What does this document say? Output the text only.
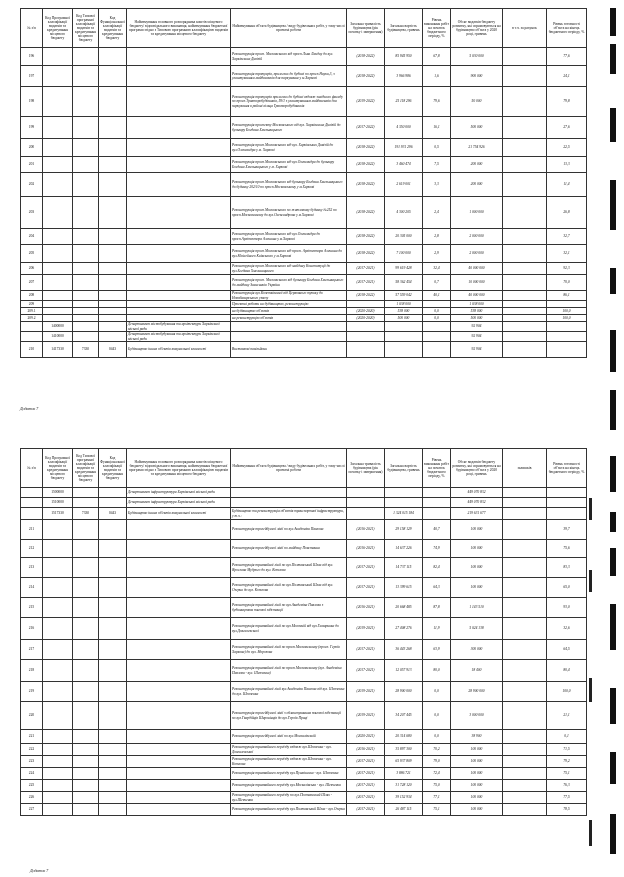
№ з/п	Код Програмної класифікації видатків та кредитування місцевого бюджету	Код Типової програмної класифікації видатків та кредитування місцевого бюджету	Код Функціональної класифікації видатків та кредитування бюджету	Найменування головного розпорядника коштів місцевого бюджету/ відповідального виконавця, найменування бюджетної програми згідно з Типовою програмною класифікацією видатків та кредитування місцевого бюджету	Найменування об'єкта будівництва / виду будівельних робіт, у тому числі проектні роботи	Загальна тривалість будівництва (рік початку і завершення)	Загальна вартість будівництва, гривень	Рівень виконання робіт на початок бюджетного періоду, %	Обсяг видатків бюджету розвитку, які спрямовуються на будівництво об'єкта у 2020 році, гривень	в т.ч. за рахунок	Рівень готовності об'єкта на кінець бюджетного періоду, %
196					Реконструкція просп. Московського від просп.Льва Ландау до вул. Харківських Дивізій	(2018-2022)	85 945 950	67,8	5 030 000		77,6
197					Реконструкція тротуарів, прилеглих до будівлі по просп.Науки,3, з улаштуванням майданчиків для паркування у м.Харкові	(2018-2022)	3 966 986	1,6	900 000		24,1
198					Реконструкція тротуарів прилеглих до будівлі вздовж західного фасаду по просп.Тракторобудівників, 59/1 з улаштуванням майданчиків для паркування в районі кільця Тракторобудівників	(2019-2022)	25 118 296	79,6	50 000		79,8
199					Реконструкція проспекту Московського від вул. Харківських Дивізій до бульвару Богдана Хмельницького	(2017-2022)	4 350 000	16,1	500 000		27,6
200					Реконструкція просп.Московського від вул. Харківських Дивізій до вул.Олександра у м. Харкові	(2018-2022)	191 931 296	0,5	21 754 926		22,5
201					Реконструкція просп.Московського від вул.Олександра до бульвару Богдана Хмельницького у м. Харкові	(2018-2022)	3 460 474	7,5	200 000		13,3
202					Реконструкція просп.Московського від бульвару Богдана Хмельницького до будинку 202/10 по просп.Московському у м.Харкові	(2018-2022)	2 619 001	3,3	200 000		11,4
203					Реконструкція просп.Московського по житловому будинку №252 по просп.Московському до вул.Олександрова у м.Харкові	(2018-2022)	4 300 205	2,4	1 000 000		26,8
204					Реконструкція просп.Московського від вул.Олександра до просп.Архітектора Алешина у м.Харкові	(2018-2022)	20 305 000	2,8	2 000 000		32,7
205					Реконструкція просп.Московського від просп. Архітектора Алешина до вул.Ювілейного Київського у м.Харкові	(2018-2022)	7 100 000	2,9	2 000 000		32,1
206					Реконструкція просп.Московського від майдану Конституції до вул.Богдана Хмельницького	(2017-2021)	99 619 428	32,4	40 000 000		92,3
207					Реконструкція просп. Московського від бульвару Богдана Хмельницького до майдану Захисників України	(2017-2021)	58 362 454	0,7	10 000 000		70,0
208					Реконструкція вул.Кочетківської від Церковного тупику до Новобаварського узвозу	(2018-2022)	57 559 042	40,1	40 000 000		86,1
209					Проектні роботи на будівництво, реконструкцію		1 038 000		1 038 000		
209.1					на будівництво об'єктів	(2020-2020)	538 000	0,0	538 000		100,0
209.2					на реконструкцію об'єктів	(2020-2020)	500 000	0,0	500 000		100,0
	1400000			Департамент містобудування та архітектури Харківської міської ради					92 904		
	1410000			Департамент містобудування та архітектури Харківської міської ради					92 904		
210	1417330	7330	0443	Будівництво інших об'єктів комунальної власності	Виставкові павільйони				92 904		
Додаток 7
№ з/п	Код Програмної класифікації видатків та кредитування місцевого бюджету	Код Типової програмної класифікації видатків та кредитування місцевого бюджету	Код Функціональної класифікації видатків та кредитування бюджету	Найменування головного розпорядника коштів місцевого бюджету/ відповідального виконавця, найменування бюджетної програми згідно з Типовою програмною класифікацією видатків та кредитування місцевого бюджету	Найменування об'єкта будівництва / виду будівельних робіт, у тому числі проектні роботи	Загальна тривалість будівництва (рік початку і завершення)	Загальна вартість будівництва, гривень	Рівень виконання робіт на початок бюджетного періоду, %	Обсяг видатків бюджету розвитку, які спрямовуються на будівництво об'єкта у 2020 році, гривень	залишків	Рівень готовності об'єкта на кінець бюджетного періоду, %
	1500000			Департамент інфраструктури Харківської міської ради					449 070 832		
	1510000			Департамент інфраструктури Харківської міської ради					449 070 832		
	1517330	7330	0443	Будівництво інших об'єктів комунальної власності	Будівництво та реконструкція об'єктів транспортної інфраструктури, у т.ч.:		1 324 015 184		219 631 677		
211					Реконструкція тролейбусної лінії по вул.Академіка Павлова	(2016-2021)	29 158 129	40,7	100 000		39,7
212					Реконструкція тролейбусної лінії по майдану Повстання	(2016-2021)	14 637 226	74,9	100 000		75,6
213					Реконструкція трамвайної лінії по вул.Полтавський Шлях від вул. Ярослава Мудрого до вул. Котлова	(2017-2021)	14 737 115	82,4	100 000		83,3
214					Реконструкція трамвайної лінії по вул.Полтавський Шлях від вул. Озерна до вул. Котлова	(2017-2021)	13 399 615	64,3	100 000		65,0
215					Реконструкція трамвайної лінії по вул.Академіка Павлова з будівництвом тягової підстанції	(2016-2021)	20 668 485	87,8	1 143 510		93,0
216					Реконструкція трамвайної лінії по вул.Молочній від вул.Гамарника до вул.Довгалевської	(2019-2021)	27 408 276	11,9	5 024 138		32,6
217					Реконструкція трамвайної лінії по просп.Московському (просп. Героїв Харкова) до вул. Морозова	(2017-2021)	36 443 268	63,9	300 000		64,5
218					Реконструкція трамвайної лінії по просп.Московському (вул. Академіка Павлова - вул. Шевченка)	(2017-2021)	12 057 913	80,0	18 400		80,4
219					Реконструкція трамвайної лінії вул.Академіка Павлова від вул. Шевченка до вул. Шевченка	(2019-2021)	28 900 000	0,0	28 900 000		100,0
220					Реконструкція тролейбусної лінії з облаштуванням тягової підстанції по вул.Гвардійців Широнінців до вул.Героїв Праці	(2019-2021)	34 207 445	0,0	3 000 000		21,1
221					Реконструкція тролейбусної лінії по вул.Москалівській	(2020-2021)	20 314 680	0,0	38 900		0,1
222					Реконструкція трамвайного переїзду вздовж вул.Шевченка - вул. Довгалевської	(2016-2021)	35 897 300	70,2	100 000		71,5
223					Реконструкція трамвайного переїзду вздовж вул.Шевченка - вул. Котлова	(2017-2021)	65 937 809	79,0	100 000		79,2
224					Реконструкція трамвайного переїзду вул.Пушкінська - вул. Шевченка	(2017-2021)	3 886 721	72,4	100 000		75,1
225					Реконструкція трамвайного переїзду вул.Москалівська - вул. Шевченка	(2017-2021)	31 728 120	75,0	100 000		76,3
226					Реконструкція трамвайного переїзду по вул.Полтавський Шлях - вул.Шевченка	(2017-2021)	39 152 934	77,1	100 000		77,5
227					Реконструкція трамвайного переїзду вул.Полтавський Шлях - вул.Озерна	(2017-2021)	26 487 115	75,1	100 000		78,5
Додаток 7
